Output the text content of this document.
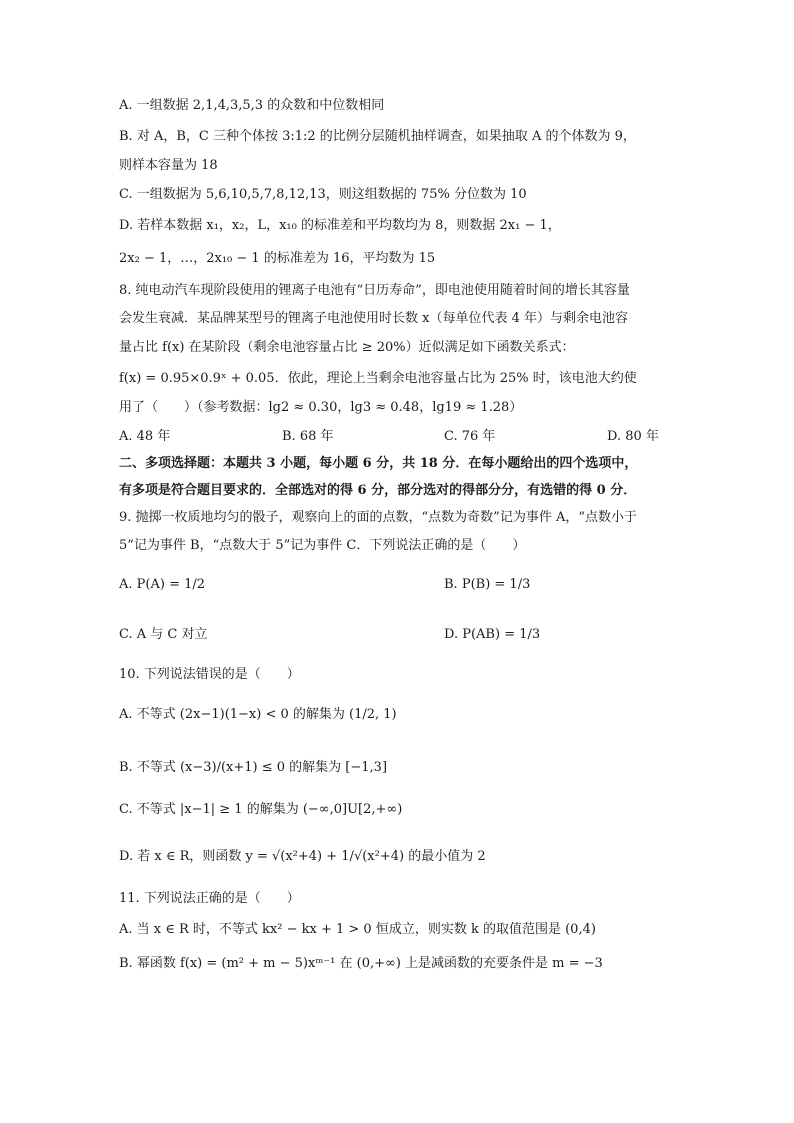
A. 一组数据 2,1,4,3,5,3 的众数和中位数相同
B. 对 A，B，C 三种个体按 3:1:2 的比例分层随机抽样调查，如果抽取 A 的个体数为 9，
则样本容量为 18
C. 一组数据为 5,6,10,5,7,8,12,13，则这组数据的 75% 分位数为 10
D. 若样本数据 x₁，x₂，L，x₁₀ 的标准差和平均数均为 8，则数据 2x₁ − 1，
2x₂ − 1，…，2x₁₀ − 1 的标准差为 16，平均数为 15
8. 纯电动汽车现阶段使用的锂离子电池有“日历寿命”，即电池使用随着时间的增长其容量
会发生衰减．某品牌某型号的锂离子电池使用时长数 x（每单位代表 4 年）与剩余电池容
量占比 f(x) 在某阶段（剩余电池容量占比 ≥ 20%）近似满足如下函数关系式：
f(x) = 0.95×0.9ˣ + 0.05．依此，理论上当剩余电池容量占比为 25% 时，该电池大约使
用了（　　）（参考数据：lg2 ≈ 0.30，lg3 ≈ 0.48，lg19 ≈ 1.28）
A. 48 年	B. 68 年	C. 76 年	D. 80 年
二、多项选择题：本题共 3 小题，每小题 6 分，共 18 分．在每小题给出的四个选项中，
有多项是符合题目要求的．全部选对的得 6 分，部分选对的得部分分，有选错的得 0 分．
9. 抛掷一枚质地均匀的骰子，观察向上的面的点数，“点数为奇数”记为事件 A，“点数小于
5”记为事件 B，“点数大于 5”记为事件 C．下列说法正确的是（　　）
A. P(A) = 1/2	B. P(B) = 1/3
C. A 与 C 对立	D. P(AB) = 1/3
10. 下列说法错误的是（　　）
A. 不等式 (2x−1)(1−x) < 0 的解集为 (1/2, 1)
B. 不等式 (x−3)/(x+1) ≤ 0 的解集为 [−1,3]
C. 不等式 |x−1| ≥ 1 的解集为 (−∞,0]U[2,+∞)
D. 若 x ∈ R，则函数 y = √(x²+4) + 1/√(x²+4) 的最小值为 2
11. 下列说法正确的是（　　）
A. 当 x ∈ R 时，不等式 kx² − kx + 1 > 0 恒成立，则实数 k 的取值范围是 (0,4)
B. 幂函数 f(x) = (m² + m − 5)xᵐ⁻¹ 在 (0,+∞) 上是减函数的充要条件是 m = −3
